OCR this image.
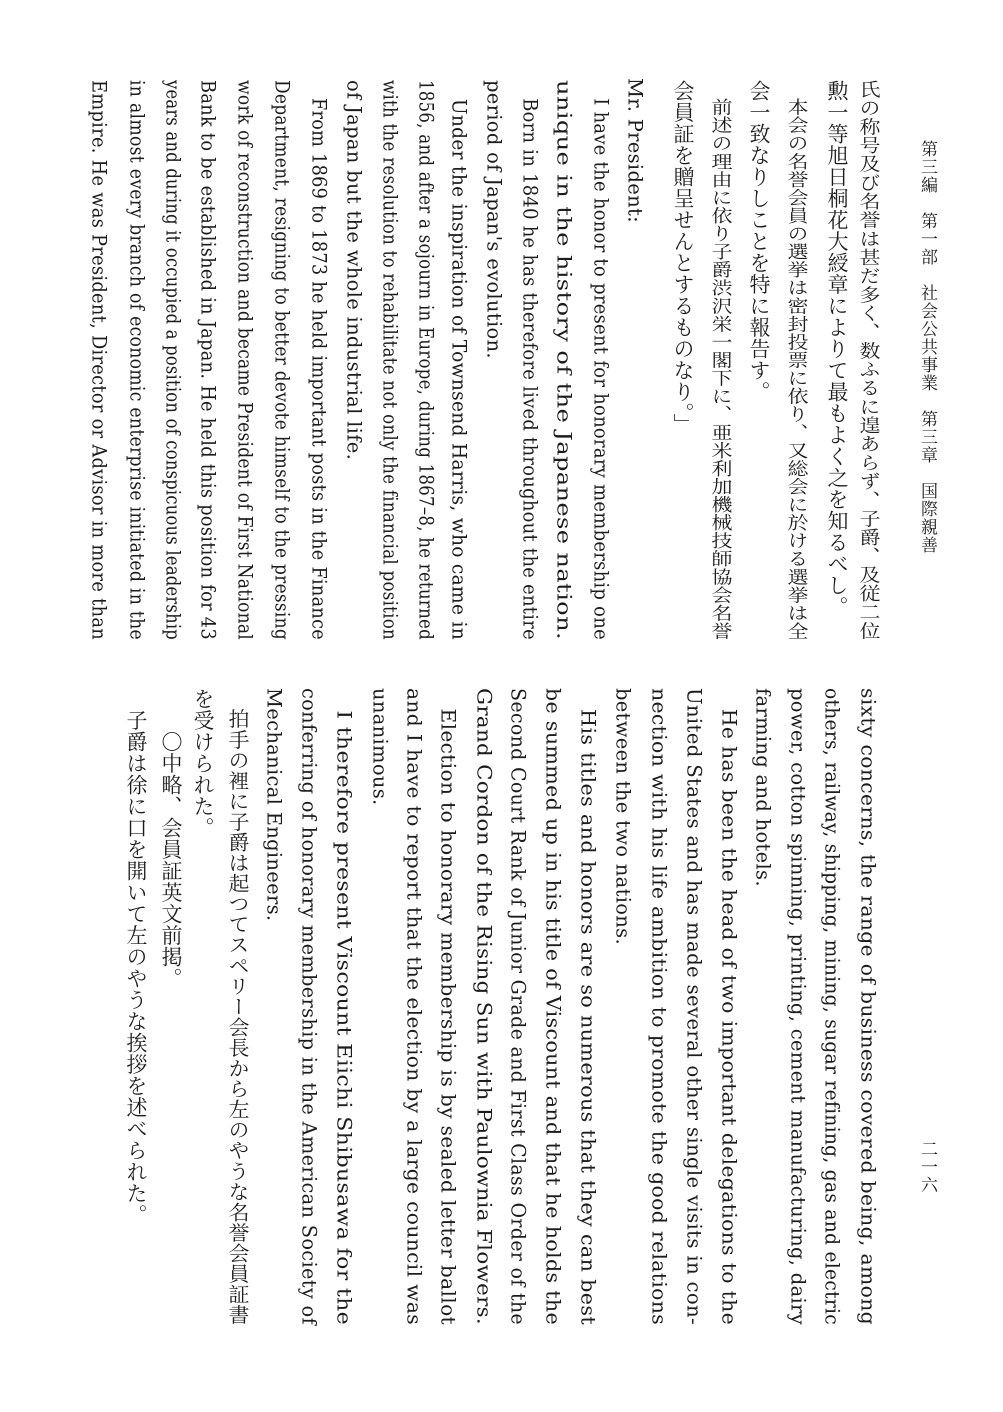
第三編　第一部　社会公共事業　第三章　国際親善
二一六
氏の称号及び名誉は甚だ多く、数ふるに遑あらず、子爵、及従二位
勲一等旭日桐花大綬章によりて最もよく之を知るべし。
　本会の名誉会員の選挙は密封投票に依り、又総会に於ける選挙は全
会一致なりしことを特に報告す。
　前述の理由に依り子爵渋沢栄一閣下に、亜米利加機械技師協会名誉
会員証を贈呈せんとするものなり。」
Mr. President:
　I have the honor to present for honorary membership one
unique in the history of the Japanese nation.
　Born in 1840 he has therefore lived throughout the entire
period of Japan's evolution.
　Under the inspiration of Townsend Harris, who came in
1856, and after a sojourn in Europe, during 1867–8, he returned
with the resolution to rehabilitate not only the financial position
of Japan but the whole industrial life.
　From 1869 to 1873 he held important posts in the Finance
Department, resigning to better devote himself to the pressing
work of reconstruction and became President of First National
Bank to be established in Japan. He held this position for 43
years and during it occupied a position of conspicuous leadership
in almost every branch of economic enterprise initiated in the
Empire. He was President, Director or Advisor in more than
sixty concerns, the range of business covered being, among
others, railway, shipping, mining, sugar refining, gas and electric
power, cotton spinning, printing, cement manufacturing, dairy
farming and hotels.
　He has been the head of two important delegations to the
United States and has made several other single visits in con-
nection with his life ambition to promote the good relations
between the two nations.
　His titles and honors are so numerous that they can best
be summed up in his title of Viscount and that he holds the
Second Court Rank of Junior Grade and First Class Order of the
Grand Cordon of the Rising Sun with Paulownia Flowers.
　Election to honorary membership is by sealed letter ballot
and I have to report that the election by a large council was
unanimous.
　I therefore present Viscount Eiichi Shibusawa for the
conferring of honorary membership in the American Society of
Mechanical Engineers.
　拍手の裡に子爵は起つてスペリー会長から左のやうな名誉会員証書
を受けられた。
　　〇中略、会員証英文前掲。
　子爵は徐に口を開いて左のやうな挨拶を述べられた。
